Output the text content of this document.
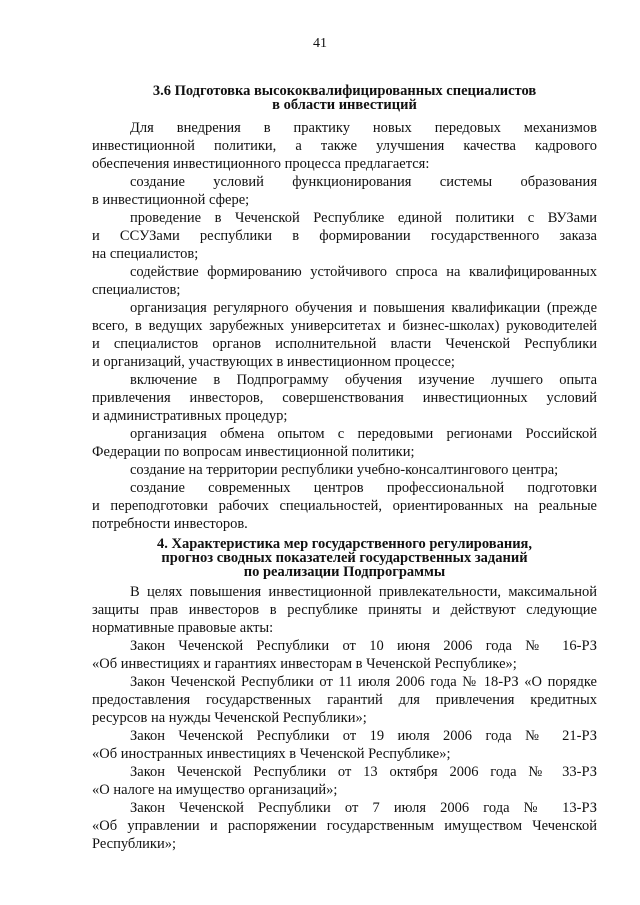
41
3.6 Подготовка высококвалифицированных специалистов
в области инвестиций
Для внедрения в практику новых передовых механизмов
инвестиционной политики, а также улучшения качества кадрового
обеспечения инвестиционного процесса предлагается:
создание условий функционирования системы образования
в инвестиционной сфере;
проведение в Чеченской Республике единой политики с ВУЗами
и ССУЗами республики в формировании государственного заказа
на специалистов;
содействие формированию устойчивого спроса на квалифицированных
специалистов;
организация регулярного обучения и повышения квалификации (прежде
всего, в ведущих зарубежных университетах и бизнес-школах) руководителей
и специалистов органов исполнительной власти Чеченской Республики
и организаций, участвующих в инвестиционном процессе;
включение в Подпрограмму обучения изучение лучшего опыта
привлечения инвесторов, совершенствования инвестиционных условий
и административных процедур;
организация обмена опытом с передовыми регионами Российской
Федерации по вопросам инвестиционной политики;
создание на территории республики учебно-консалтингового центра;
создание современных центров профессиональной подготовки
и переподготовки рабочих специальностей, ориентированных на реальные
потребности инвесторов.
4. Характеристика мер государственного регулирования,
прогноз сводных показателей государственных заданий
по реализации Подпрограммы
В целях повышения инвестиционной привлекательности, максимальной
защиты прав инвесторов в республике приняты и действуют следующие
нормативные правовые акты:
Закон Чеченской Республики от 10 июня 2006 года № 16-РЗ
«Об инвестициях и гарантиях инвесторам в Чеченской Республике»;
Закон Чеченской Республики от 11 июля 2006 года № 18-РЗ «О порядке
предоставления государственных гарантий для привлечения кредитных
ресурсов на нужды Чеченской Республики»;
Закон Чеченской Республики от 19 июля 2006 года № 21-РЗ
«Об иностранных инвестициях в Чеченской Республике»;
Закон Чеченской Республики от 13 октября 2006 года № 33-РЗ
«О налоге на имущество организаций»;
Закон Чеченской Республики от 7 июля 2006 года № 13-РЗ
«Об управлении и распоряжении государственным имуществом Чеченской
Республики»;
